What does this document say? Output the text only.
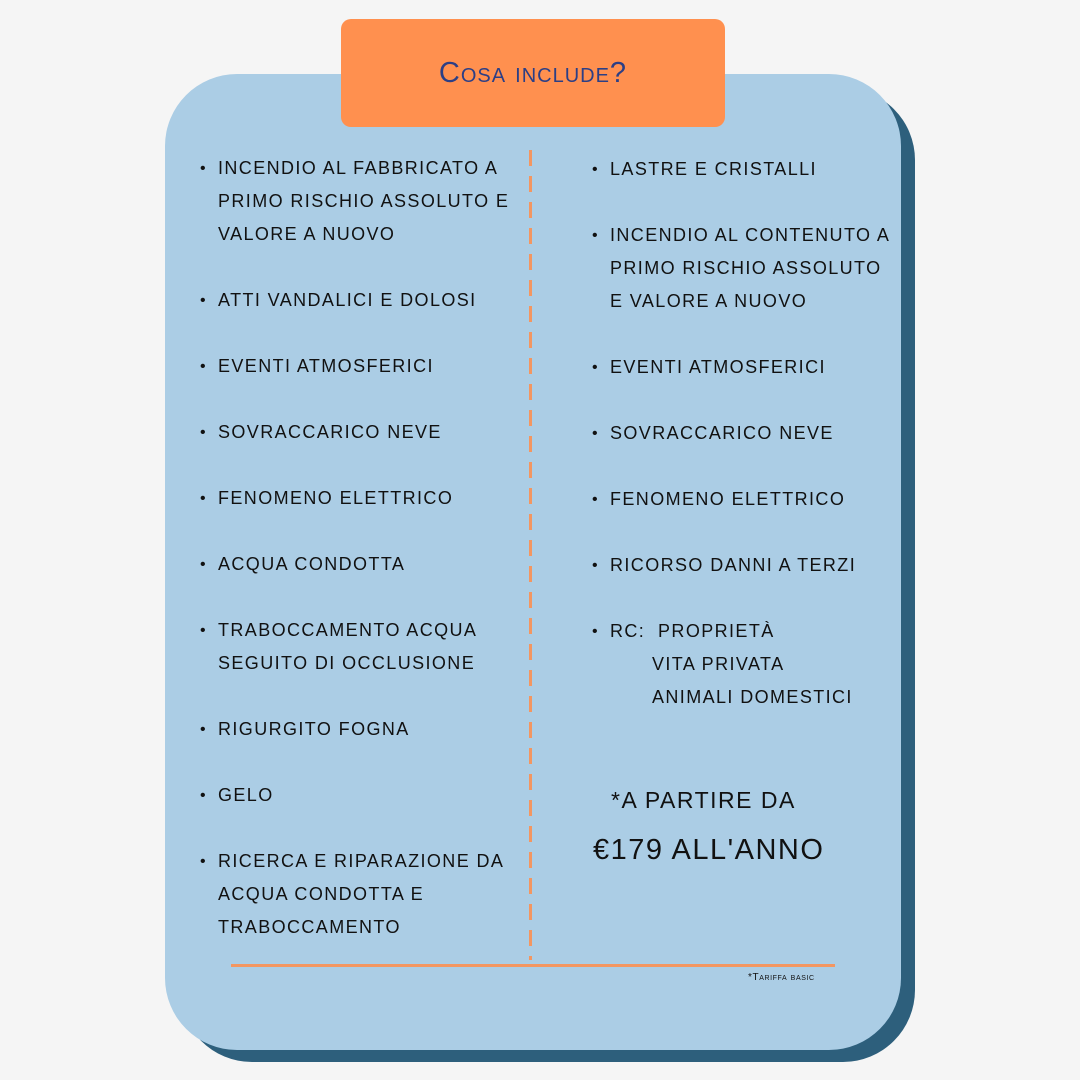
Cosa include?
• INCENDIO AL FABBRICATO A PRIMO RISCHIO ASSOLUTO E VALORE A NUOVO
• ATTI VANDALICI E DOLOSI
• EVENTI ATMOSFERICI
• SOVRACCARICO NEVE
• FENOMENO ELETTRICO
• ACQUA CONDOTTA
• TRABOCCAMENTO ACQUA SEGUITO DI OCCLUSIONE
• RIGURGITO FOGNA
• GELO
• RICERCA E RIPARAZIONE DA ACQUA CONDOTTA E TRABOCCAMENTO
• LASTRE E CRISTALLI
• INCENDIO AL CONTENUTO A PRIMO RISCHIO ASSOLUTO E VALORE A NUOVO
• EVENTI ATMOSFERICI
• SOVRACCARICO NEVE
• FENOMENO ELETTRICO
• RICORSO DANNI A TERZI
• RC: PROPRIETÀ
VITA PRIVATA
ANIMALI DOMESTICI
*A PARTIRE DA
€179 ALL'ANNO
*Tariffa basic
